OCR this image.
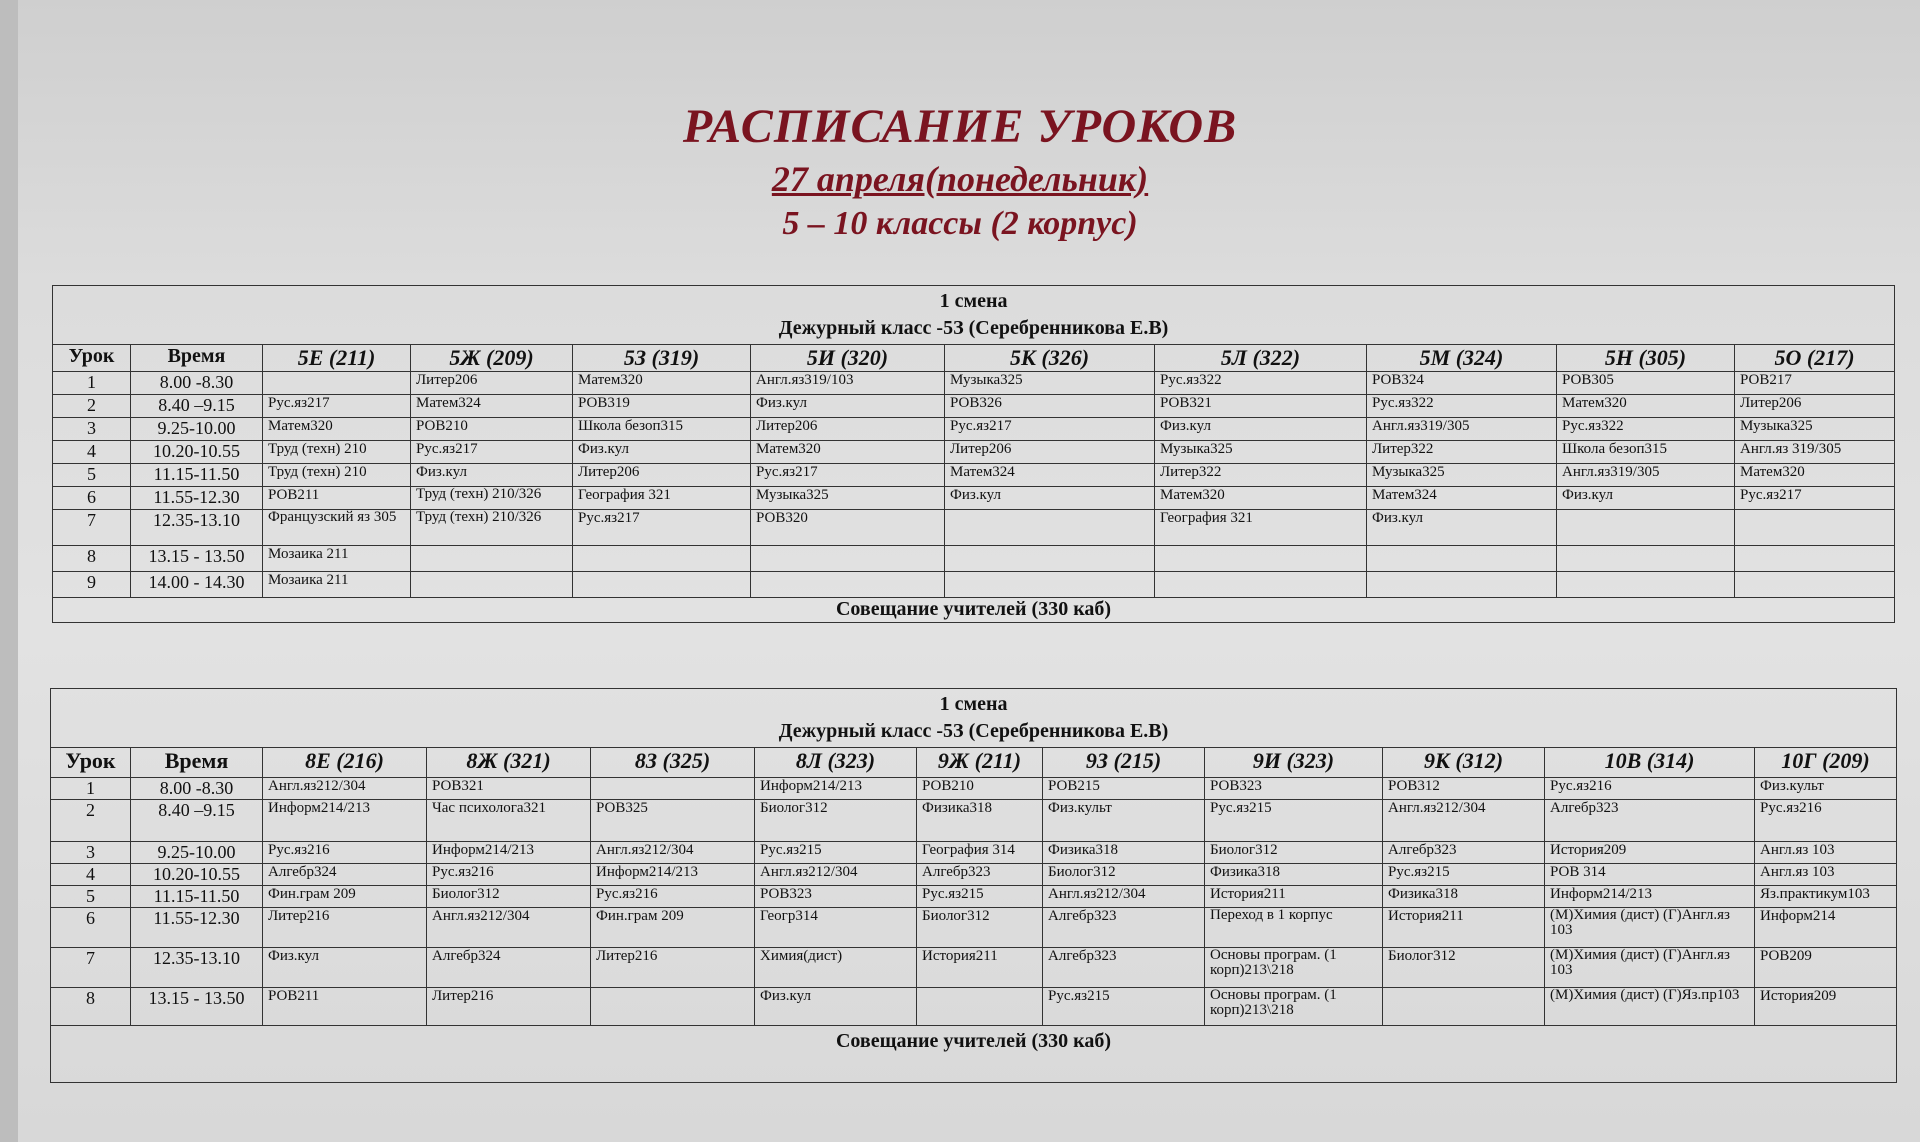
РАСПИСАНИЕ УРОКОВ
27 апреля(понедельник)
5 – 10 классы (2 корпус)
1 смена
Дежурный класс -5З (Серебренникова Е.В)										

Урок	Время	5Е (211)	5Ж (209)	5З (319)	5И (320)	5К (326)	5Л (322)	5М (324)	5Н (305)	5О (217)
1	8.00 -8.30		Литер206	Матем320	Англ.яз319/103	Музыка325	Рус.яз322	РОВ324	РОВ305	РОВ217
2	8.40 –9.15	Рус.яз217	Матем324	РОВ319	Физ.кул	РОВ326	РОВ321	Рус.яз322	Матем320	Литер206
3	9.25-10.00	Матем320	РОВ210	Школа безоп315	Литер206	Рус.яз217	Физ.кул	Англ.яз319/305	Рус.яз322	Музыка325
4	10.20-10.55	Труд (техн) 210	Рус.яз217	Физ.кул	Матем320	Литер206	Музыка325	Литер322	Школа безоп315	Англ.яз 319/305
5	11.15-11.50	Труд (техн) 210	Физ.кул	Литер206	Рус.яз217	Матем324	Литер322	Музыка325	Англ.яз319/305	Матем320
6	11.55-12.30	РОВ211	Труд (техн) 210/326	География 321	Музыка325	Физ.кул	Матем320	Матем324	Физ.кул	Рус.яз217
7	12.35-13.10	Французский яз 305	Труд (техн) 210/326	Рус.яз217	РОВ320		География 321	Физ.кул		
8	13.15 - 13.50	Мозаика 211								
9	14.00 - 14.30	Мозаика 211								
Совещание учителей (330 каб)										
1 смена
Дежурный класс -5З (Серебренникова Е.В)											

Урок	Время	8Е (216)	8Ж (321)	8З (325)	8Л (323)	9Ж (211)	9З (215)	9И (323)	9К (312)	10В (314)	10Г (209)
1	8.00 -8.30	Англ.яз212/304	РОВ321		Информ214/213	РОВ210	РОВ215	РОВ323	РОВ312	Рус.яз216	Физ.культ
2	8.40 –9.15	Информ214/213	Час психолога321	РОВ325	Биолог312	Физика318	Физ.культ	Рус.яз215	Англ.яз212/304	Алгебр323	Рус.яз216
3	9.25-10.00	Рус.яз216	Информ214/213	Англ.яз212/304	Рус.яз215	География 314	Физика318	Биолог312	Алгебр323	История209	Англ.яз 103
4	10.20-10.55	Алгебр324	Рус.яз216	Информ214/213	Англ.яз212/304	Алгебр323	Биолог312	Физика318	Рус.яз215	РОВ 314	Англ.яз 103
5	11.15-11.50	Фин.грам 209	Биолог312	Рус.яз216	РОВ323	Рус.яз215	Англ.яз212/304	История211	Физика318	Информ214/213	Яз.практикум103
6	11.55-12.30	Литер216	Англ.яз212/304	Фин.грам 209	Геогр314	Биолог312	Алгебр323	Переход в 1 корпус	История211	(М)Химия (дист) (Г)Англ.яз 103	Информ214
7	12.35-13.10	Физ.кул	Алгебр324	Литер216	Химия(дист)	История211	Алгебр323	Основы програм. (1 корп)213\218	Биолог312	(М)Химия (дист) (Г)Англ.яз 103	РОВ209
8	13.15 - 13.50	РОВ211	Литер216		Физ.кул		Рус.яз215	Основы програм. (1 корп)213\218		(М)Химия (дист) (Г)Яз.пр103	История209
Совещание учителей (330 каб)											
